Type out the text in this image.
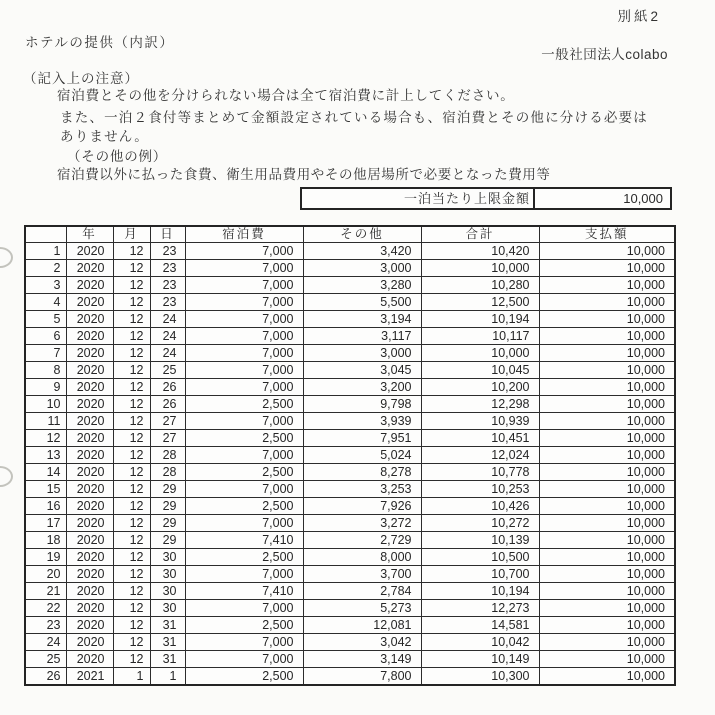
別紙2
ホテルの提供（内訳）
一般社団法人colabo
（記入上の注意）
宿泊費とその他を分けられない場合は全て宿泊費に計上してください。
また、一泊２食付等まとめて金額設定されている場合も、宿泊費とその他に分ける必要は
ありません。
（その他の例）
宿泊費以外に払った食費、衛生用品費用やその他居場所で必要となった費用等
一泊当たり上限金額	10,000
	年	月	日	宿泊費	その他	合計	支払額
1	2020	12	23	7,000	3,420	10,420	10,000
2	2020	12	23	7,000	3,000	10,000	10,000
3	2020	12	23	7,000	3,280	10,280	10,000
4	2020	12	23	7,000	5,500	12,500	10,000
5	2020	12	24	7,000	3,194	10,194	10,000
6	2020	12	24	7,000	3,117	10,117	10,000
7	2020	12	24	7,000	3,000	10,000	10,000
8	2020	12	25	7,000	3,045	10,045	10,000
9	2020	12	26	7,000	3,200	10,200	10,000
10	2020	12	26	2,500	9,798	12,298	10,000
11	2020	12	27	7,000	3,939	10,939	10,000
12	2020	12	27	2,500	7,951	10,451	10,000
13	2020	12	28	7,000	5,024	12,024	10,000
14	2020	12	28	2,500	8,278	10,778	10,000
15	2020	12	29	7,000	3,253	10,253	10,000
16	2020	12	29	2,500	7,926	10,426	10,000
17	2020	12	29	7,000	3,272	10,272	10,000
18	2020	12	29	7,410	2,729	10,139	10,000
19	2020	12	30	2,500	8,000	10,500	10,000
20	2020	12	30	7,000	3,700	10,700	10,000
21	2020	12	30	7,410	2,784	10,194	10,000
22	2020	12	30	7,000	5,273	12,273	10,000
23	2020	12	31	2,500	12,081	14,581	10,000
24	2020	12	31	7,000	3,042	10,042	10,000
25	2020	12	31	7,000	3,149	10,149	10,000
26	2021	1	1	2,500	7,800	10,300	10,000
